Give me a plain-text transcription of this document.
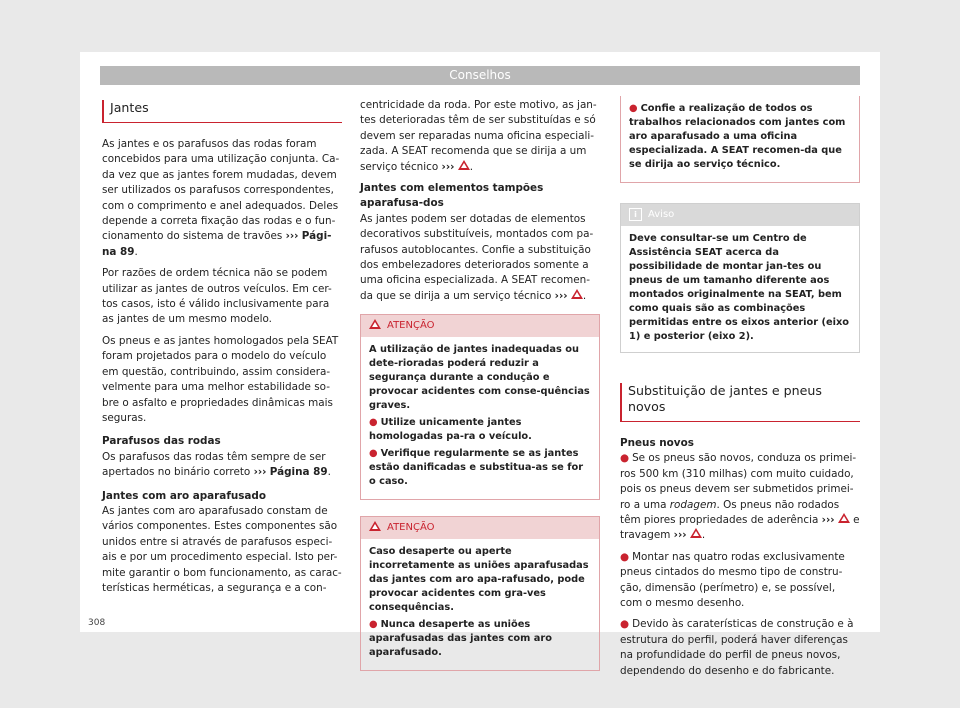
Conselhos
Jantes

As jantes e os parafusos das rodas foram concebidos para uma utilização conjunta. Ca-da vez que as jantes forem mudadas, devem ser utilizados os parafusos correspondentes, com o comprimento e anel adequados. Deles depende a correta fixação das rodas e o fun-cionamento do sistema de travões ››› Pági-na 89.

Por razões de ordem técnica não se podem utilizar as jantes de outros veículos. Em cer-tos casos, isto é válido inclusivamente para as jantes de um mesmo modelo.

Os pneus e as jantes homologados pela SEAT foram projetados para o modelo do veículo em questão, contribuindo, assim considera-velmente para uma melhor estabilidade so-bre o asfalto e propriedades dinâmicas mais seguras.

Parafusos das rodas

Os parafusos das rodas têm sempre de ser apertados no binário correto ››› Página 89.

Jantes com aro aparafusado

As jantes com aro aparafusado constam de vários componentes. Estes componentes são unidos entre si através de parafusos especi-ais e por um procedimento especial. Isto per-mite garantir o bom funcionamento, as carac-terísticas herméticas, a segurança e a con-

centricidade da roda. Por este motivo, as jan-tes deterioradas têm de ser substituídas e só devem ser reparadas numa oficina especiali-zada. A SEAT recomenda que se dirija a um serviço técnico ››› .

Jantes com elementos tampões aparafusa-dos

As jantes podem ser dotadas de elementos decorativos substituíveis, montados com pa-rafusos autoblocantes. Confie a substituição dos embelezadores deteriorados somente a uma oficina especializada. A SEAT recomen-da que se dirija a um serviço técnico ››› .

ATENÇÃO

A utilização de jantes inadequadas ou dete-rioradas poderá reduzir a segurança durante a condução e provocar acidentes com conse-quências graves.

● Utilize unicamente jantes homologadas pa-ra o veículo.

● Verifique regularmente se as jantes estão danificadas e substitua-as se for o caso.

ATENÇÃO

Caso desaperte ou aperte incorretamente as uniões aparafusadas das jantes com aro apa-rafusado, pode provocar acidentes com gra-ves consequências.

● Nunca desaperte as uniões aparafusadas das jantes com aro aparafusado.

● Confie a realização de todos os trabalhos relacionados com jantes com aro aparafusado a uma oficina especializada. A SEAT recomen-da que se dirija ao serviço técnico.

i Aviso
Deve consultar-se um Centro de Assistência SEAT acerca da possibilidade de montar jan-tes ou pneus de um tamanho diferente aos montados originalmente na SEAT, bem como quais são as combinações permitidas entre os eixos anterior (eixo 1) e posterior (eixo 2).
Substituição de jantes e pneus novos
Pneus novos

● Se os pneus são novos, conduza os primei-ros 500 km (310 milhas) com muito cuidado, pois os pneus devem ser submetidos primei-ro a uma rodagem. Os pneus não rodados têm piores propriedades de aderência ››› e travagem ››› .

● Montar nas quatro rodas exclusivamente pneus cintados do mesmo tipo de constru-ção, dimensão (perímetro) e, se possível, com o mesmo desenho.

● Devido às caraterísticas de construção e à estrutura do perfil, poderá haver diferenças na profundidade do perfil de pneus novos, dependendo do desenho e do fabricante.

308
